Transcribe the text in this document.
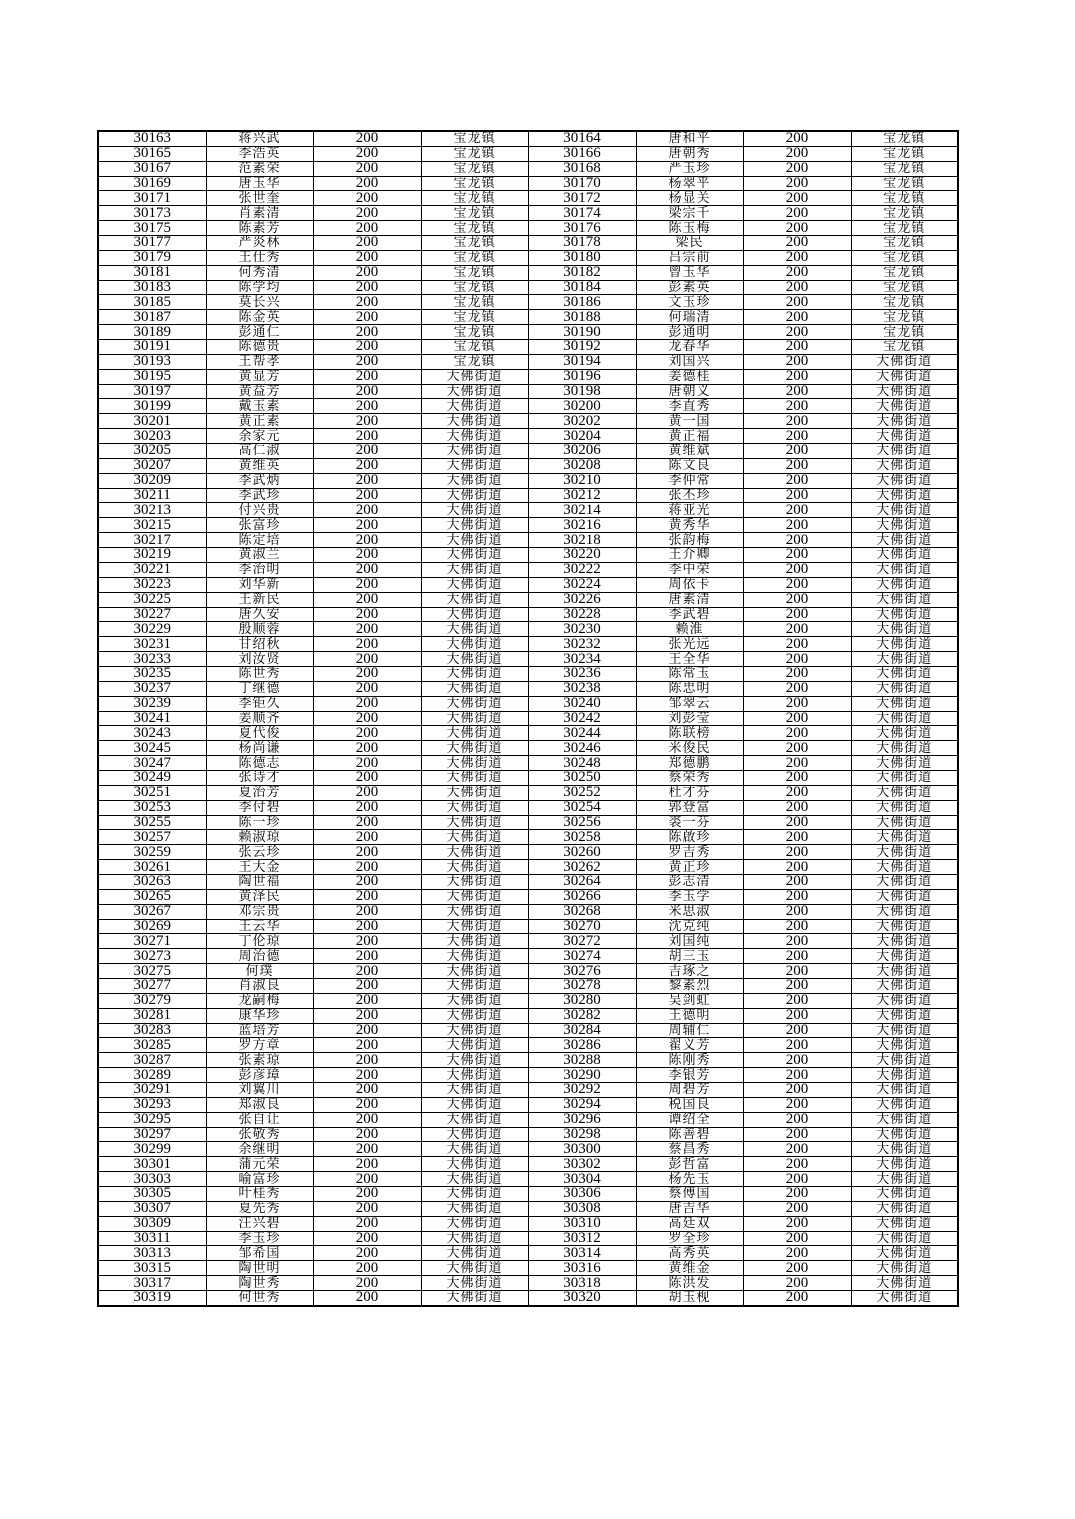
30163	蒋兴武	200	宝龙镇	30164	唐和平	200	宝龙镇
30165	李浩英	200	宝龙镇	30166	唐朝秀	200	宝龙镇
30167	范素荣	200	宝龙镇	30168	严玉珍	200	宝龙镇
30169	唐玉华	200	宝龙镇	30170	杨翠平	200	宝龙镇
30171	张世奎	200	宝龙镇	30172	杨显关	200	宝龙镇
30173	肖素清	200	宝龙镇	30174	梁宗千	200	宝龙镇
30175	陈素芳	200	宝龙镇	30176	陈玉梅	200	宝龙镇
30177	严炎林	200	宝龙镇	30178	梁民	200	宝龙镇
30179	王仕秀	200	宝龙镇	30180	吕宗前	200	宝龙镇
30181	何秀清	200	宝龙镇	30182	曾玉华	200	宝龙镇
30183	陈学均	200	宝龙镇	30184	彭素英	200	宝龙镇
30185	莫长兴	200	宝龙镇	30186	文玉珍	200	宝龙镇
30187	陈金英	200	宝龙镇	30188	何瑞清	200	宝龙镇
30189	彭通仁	200	宝龙镇	30190	彭通明	200	宝龙镇
30191	陈德贵	200	宝龙镇	30192	龙春华	200	宝龙镇
30193	王帮孝	200	宝龙镇	30194	刘国兴	200	大佛街道
30195	黄显芳	200	大佛街道	30196	姜德桂	200	大佛街道
30197	黄益芳	200	大佛街道	30198	唐朝义	200	大佛街道
30199	戴玉素	200	大佛街道	30200	李直秀	200	大佛街道
30201	黄正素	200	大佛街道	30202	黄一国	200	大佛街道
30203	余家元	200	大佛街道	30204	黄正福	200	大佛街道
30205	高仁淑	200	大佛街道	30206	黄维斌	200	大佛街道
30207	黄维英	200	大佛街道	30208	陈文良	200	大佛街道
30209	李武炳	200	大佛街道	30210	李仲常	200	大佛街道
30211	李武珍	200	大佛街道	30212	张丕珍	200	大佛街道
30213	付兴贵	200	大佛街道	30214	蒋亚光	200	大佛街道
30215	张富珍	200	大佛街道	30216	黄秀华	200	大佛街道
30217	陈定培	200	大佛街道	30218	张韵梅	200	大佛街道
30219	黄淑兰	200	大佛街道	30220	王介卿	200	大佛街道
30221	李治明	200	大佛街道	30222	李中荣	200	大佛街道
30223	刘华新	200	大佛街道	30224	周依卡	200	大佛街道
30225	王新民	200	大佛街道	30226	唐素清	200	大佛街道
30227	唐久安	200	大佛街道	30228	李武碧	200	大佛街道
30229	殷顺蓉	200	大佛街道	30230	赖淮	200	大佛街道
30231	甘绍秋	200	大佛街道	30232	张光远	200	大佛街道
30233	刘汝贤	200	大佛街道	30234	王全华	200	大佛街道
30235	陈世秀	200	大佛街道	30236	陈常玉	200	大佛街道
30237	丁继德	200	大佛街道	30238	陈忠明	200	大佛街道
30239	李钜久	200	大佛街道	30240	邹翠云	200	大佛街道
30241	姜顺齐	200	大佛街道	30242	刘彭莹	200	大佛街道
30243	夏代俊	200	大佛街道	30244	陈联榜	200	大佛街道
30245	杨尚谦	200	大佛街道	30246	米俊民	200	大佛街道
30247	陈德志	200	大佛街道	30248	郑德鹏	200	大佛街道
30249	张诗才	200	大佛街道	30250	蔡荣秀	200	大佛街道
30251	夏治芳	200	大佛街道	30252	杜才芬	200	大佛街道
30253	李付碧	200	大佛街道	30254	郭登富	200	大佛街道
30255	陈一珍	200	大佛街道	30256	裘一芬	200	大佛街道
30257	赖淑琼	200	大佛街道	30258	陈啟珍	200	大佛街道
30259	张云珍	200	大佛街道	30260	罗吉秀	200	大佛街道
30261	王大金	200	大佛街道	30262	黄正珍	200	大佛街道
30263	陶世福	200	大佛街道	30264	彭志清	200	大佛街道
30265	黄泽民	200	大佛街道	30266	李玉学	200	大佛街道
30267	邓宗贵	200	大佛街道	30268	米思淑	200	大佛街道
30269	王云华	200	大佛街道	30270	沈克纯	200	大佛街道
30271	丁伦琼	200	大佛街道	30272	刘国纯	200	大佛街道
30273	周治德	200	大佛街道	30274	胡三玉	200	大佛街道
30275	何璞	200	大佛街道	30276	吉琢之	200	大佛街道
30277	肖淑良	200	大佛街道	30278	黎素烈	200	大佛街道
30279	龙嗣梅	200	大佛街道	30280	吴剑虹	200	大佛街道
30281	康华珍	200	大佛街道	30282	王德明	200	大佛街道
30283	蓝培芳	200	大佛街道	30284	周辅仁	200	大佛街道
30285	罗方章	200	大佛街道	30286	翟义芳	200	大佛街道
30287	张素琼	200	大佛街道	30288	陈刚秀	200	大佛街道
30289	彭彦璋	200	大佛街道	30290	李银芳	200	大佛街道
30291	刘翼川	200	大佛街道	30292	周碧芳	200	大佛街道
30293	郑淑良	200	大佛街道	30294	税国良	200	大佛街道
30295	张自让	200	大佛街道	30296	谭绍全	200	大佛街道
30297	张敬秀	200	大佛街道	30298	陈善碧	200	大佛街道
30299	余继明	200	大佛街道	30300	蔡昌秀	200	大佛街道
30301	蒲元荣	200	大佛街道	30302	彭哲富	200	大佛街道
30303	喻富珍	200	大佛街道	30304	杨先玉	200	大佛街道
30305	叶桂秀	200	大佛街道	30306	蔡傅国	200	大佛街道
30307	夏先秀	200	大佛街道	30308	唐吉华	200	大佛街道
30309	汪兴碧	200	大佛街道	30310	高廷双	200	大佛街道
30311	李玉珍	200	大佛街道	30312	罗全珍	200	大佛街道
30313	邹希国	200	大佛街道	30314	高秀英	200	大佛街道
30315	陶世明	200	大佛街道	30316	黄维金	200	大佛街道
30317	陶世秀	200	大佛街道	30318	陈洪发	200	大佛街道
30319	何世秀	200	大佛街道	30320	胡玉枧	200	大佛街道
